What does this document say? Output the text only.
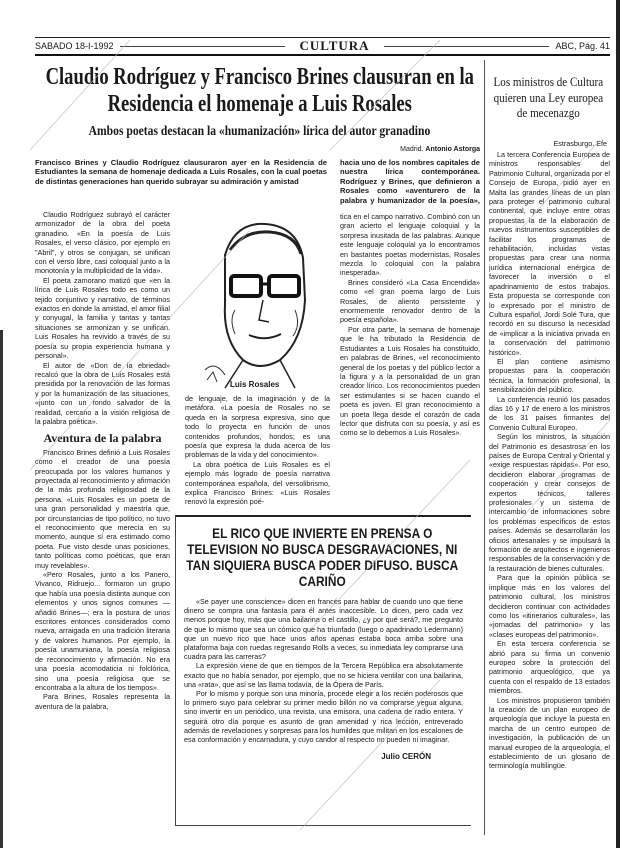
SABADO 18-I-1992	CULTURA	ABC, Pág. 41
Claudio Rodríguez y Francisco Brines clausuran en la Residencia el homenaje a Luis Rosales
Ambos poetas destacan la «humanización» lírica del autor granadino
Madrid. Antonio Astorga

Francisco Brines y Claudio Rodríguez clausuraron ayer en la Residencia de Estudiantes la semana de homenaje dedicada a Luis Rosales, con la cual poetas de distintas generaciones han querido subrayar su admiración y amistad

hacia uno de los nombres capitales de nuestra lírica contemporánea. Rodríguez y Brines, que definieron a Rosales como «aventurero de la palabra y humanizador de la poesía»,

Claudio Rodríguez subrayó el carácter armonizador de la obra del poeta granadino. «En la poesía de Luis Rosales, el verso clásico, por ejemplo en "Abril", y otros se conjugan, se unifican con el verso libre, casi coloquial junto a la monotonía y la multiplicidad de la vida».

El poeta zamorano matizó que «en la lírica de Luis Rosales todo es como un tejido conjuntivo y narrativo, de términos exactos en donde la amistad, el amor filial y conyugal, la familia y tantas y tantas situaciones se armonizan y se unifican. Luis Rosales ha revivido a través de su poesía su propia experiencia humana y personal».

El autor de «Don de la ebriedad» recalcó que la obra de Luis Rosales está presidida por la renovación de las formas y por la humanización de las situaciones, «junto con un fondo salvador de la realidad, cercano a la visión religiosa de la palabra poética».

Aventura de la palabra

Francisco Brines definió a Luis Rosales como el creador de una poesía preocupada por los valores humanos y proyectada al reconocimiento y afirmación de la más profunda religiosidad de la persona. «Luis Rosales es un poeta de una gran personalidad y maestría que, por circunstancias de tipo político, no tuvo el reconocimiento que merecía en su momento, aunque sí era estimado como poeta. Fue visto desde unas posiciones, tanto políticas como poéticas, que eran muy revelables».

«Pero Rosales, junto a los Panero, Vivanco, Ridruejo... formaron un grupo que había una poesía distinta aunque con elementos y unos signos comunes —añadió Brines—; era la postura de unos escritores entonces considerados como nueva, arraigada en una tradición literaria y de valores humanos. Por ejemplo, la poesía unamuniana, la poesía religiosa de reconocimiento y afirmación. No era una poesía acomodaticia ni folclórica, sino una poesía religiosa que se encontraba a la altura de los tiempos».

Para Brines, Rosales representa la aventura de la palabra,

Luis Rosales

de lenguaje, de la imaginación y de la metáfora. «La poesía de Rosales no se queda en la sorpresa expresiva, sino que todo lo proyecta en función de unos contenidos profundos, hondos; es una poesía que expresa la duda acerca de los problemas de la vida y del conocimiento».

La obra poética de Luis Rosales es el ejemplo más logrado de poesía narrativa contemporánea española, del versolibrismo, explica Francisco Brines: «Luis Rosales renovó la expresión poé-

tica en el campo narrativo. Combinó con un gran acierto el lenguaje coloquial y la sorpresa inusitada de las palabras. Aunque este lenguaje coloquial ya lo encontramos en bastantes poetas modernistas, Rosales mezcla lo coloquial con la palabra inesperada».

Brines consideró «La Casa Encendida» como «el gran poema largo de Luis Rosales, de aliento persistente y enormemente renovador dentro de la poesía española».

Por otra parte, la semana de homenaje que le ha tributado la Residencia de Estudiantes a Luis Rosales ha constituido, en palabras de Brines, «el reconocimiento general de los poetas y del público lector a la figura y a la personalidad de un gran creador lírico. Los reconocimientos pueden ser estimulantes si se hacen cuando el poeta es joven. El gran reconocimiento a un poeta llega desde el corazón de cada lector que disfruta con su poesía, y así es como se lo debemos a Luis Rosales».

EL RICO QUE INVIERTE EN PRENSA O TELEVISION NO BUSCA DESGRAVACIONES, NI TAN SIQUIERA BUSCA PODER DIFUSO. BUSCA CARIÑO

«Se payer une conscience» dicen en francés para hablar de cuando uno que tiene dinero se compra una fantasía para él antes inaccesible. Lo dicen, pero cada vez menos porque hoy, más que una bailarina o el castillo, ¿y por qué será?, me pregunto de que lo mismo que sea un cómico que ha triunfado (luego o apadrinado Ledermann) que un nuevo rico que hace unos años apenas estaba boca arriba sobre una plataforma baja con ruedas regresando Rolls a veces, su inmediata ley comprarse una cuadra para las carreras?

La expresión viene de que en tiempos de la Tercera República era absolutamente exacto que no había senador, por ejemplo, que no se hiciera ventilar con una bailarina, una «rata», que así se las llama todavía, de la Ópera de París.

Por lo mismo y porque son una minoría, procede elegir a los recién poderosos que lo primero suyo para celebrar su primer medio billón no va comprarse yegua alguna, sino invertir en un periódico, una revista, una emisora, una cadena de radio entera. Y seguirá otro día porque es asunto de gran amenidad y rica lección, entreverado además de revelaciones y sorpresas para los humildes que militan en los escalones de esa conformación y encarnadura, y cuyo candor al respecto no pueden ni imaginar.

Julio CERÓN
Los ministros de Cultura quieren una Ley europea de mecenazgo
Estrasburgo. Efe

La tercera Conferencia Europea de ministros responsables del Patrimonio Cultural, organizada por el Consejo de Europa, pidió ayer en Malta las grandes líneas de un plan para proteger el patrimonio cultural continental, que incluye entre otras propuestas la de la elaboración de nuevos instrumentos susceptibles de facilitar los programas de rehabilitación, incluidas vistas propuestas para crear una norma jurídica internacional enérgica de favorecer la inversión o el apadrinamiento de estos trabajos. Esta propuesta se corresponde con lo expresado por el ministro de Cultura español, Jordi Solé Tura, que recordó en su discurso la necesidad de «implicar a la iniciativa privada en la conservación del patrimonio histórico».

El plan contiene asimismo propuestas para la cooperación técnica, la formación profesional, la sensibilización del público.

La conferencia reunió los pasados días 16 y 17 de enero a los ministros de los 31 países firmantes del Convenio Cultural Europeo.

Según los ministros, la situación del Patrimonio es desastrosa en los países de Europa Central y Oriental y «exige respuestas rápidas». Por eso, decidieron elaborar programas de cooperación y crear consejos de expertos técnicos, talleres profesionales y un sistema de intercambio de informaciones sobre los problemas específicos de estos países. Además se desarrollarán los oficios artesanales y se impulsará la formación de arquitectos e ingenieros responsables de la conservación y de la restauración de bienes culturales.

Para que la opinión pública se implique más en los valores del patrimonio cultural, los ministros decidieron continuar con actividades como los «itinerarios culturales», las «jornadas del patrimonio» y las «clases europeas del patrimonio».

En esta tercera conferencia se abrió para su firma un convenio europeo sobre la protección del patrimonio arqueológico, que ya cuenta con el respaldo de 13 estados miembros.

Los ministros propusieron también la creación de un plan europeo de arqueología que incluye la puesta en marcha de un centro europeo de investigación, la publicación de un manual europeo de la arqueología, el establecimiento de un glosario de terminología multilingüe.
